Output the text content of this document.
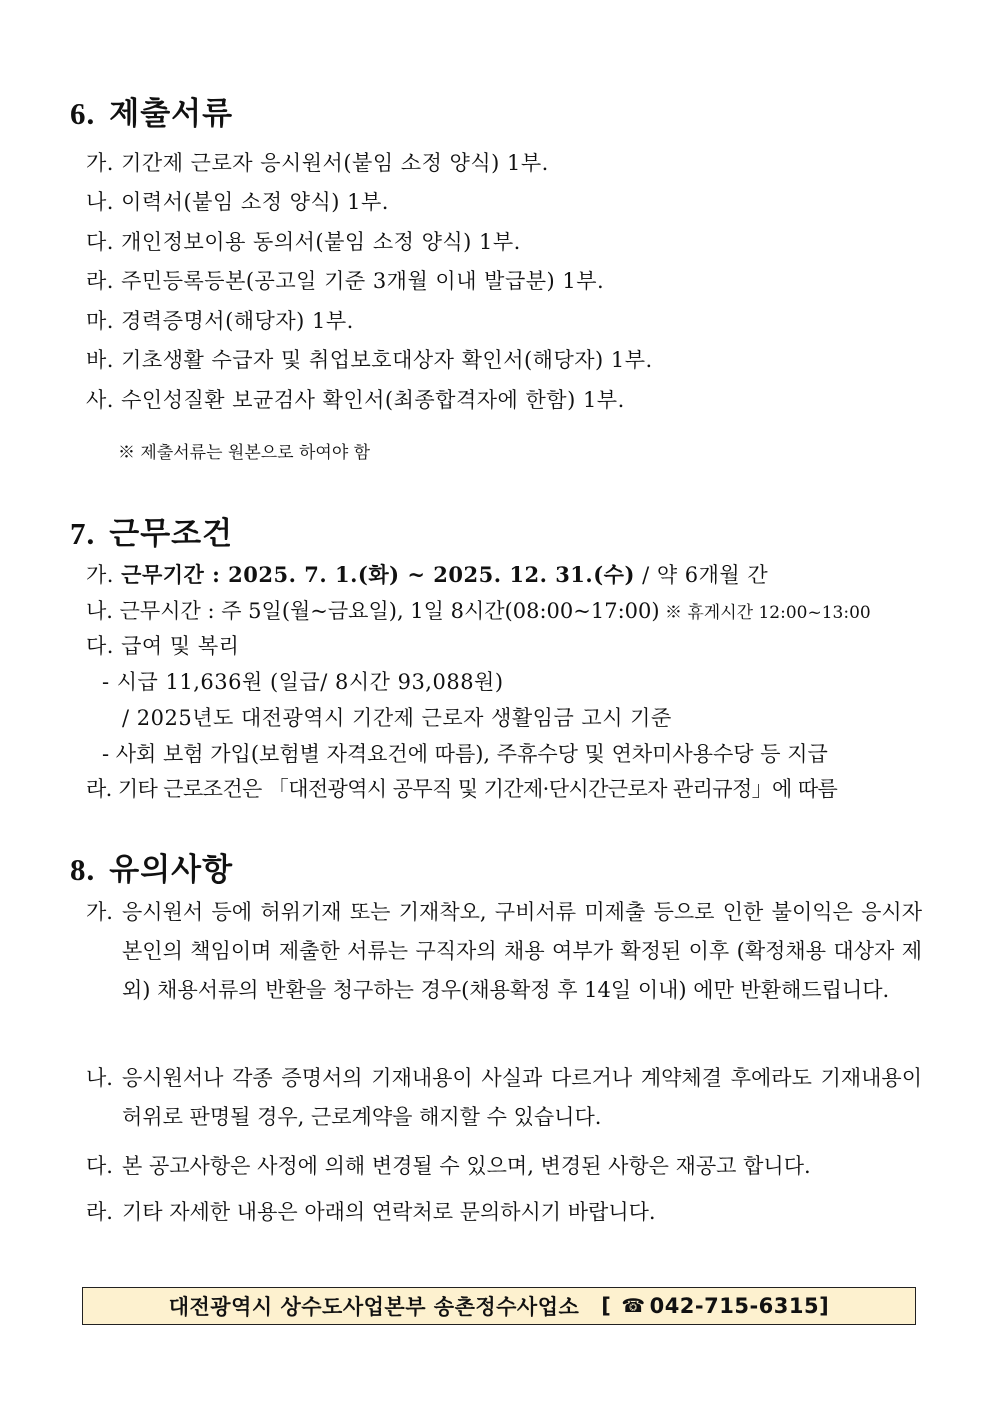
6. 제출서류
가. 기간제 근로자 응시원서(붙임 소정 양식) 1부.
나. 이력서(붙임 소정 양식) 1부.
다. 개인정보이용 동의서(붙임 소정 양식) 1부.
라. 주민등록등본(공고일 기준 3개월 이내 발급분) 1부.
마. 경력증명서(해당자) 1부.
바. 기초생활 수급자 및 취업보호대상자 확인서(해당자) 1부.
사. 수인성질환 보균검사 확인서(최종합격자에 한함) 1부.
※ 제출서류는 원본으로 하여야 함
7. 근무조건
가. 근무기간 : 2025. 7. 1.(화) ~ 2025. 12. 31.(수) / 약 6개월 간
나. 근무시간 : 주 5일(월~금요일), 1일 8시간(08:00~17:00) ※ 휴게시간 12:00~13:00
다. 급여 및 복리
- 시급 11,636원 (일급/ 8시간 93,088원)
/ 2025년도 대전광역시 기간제 근로자 생활임금 고시 기준
- 사회 보험 가입(보험별 자격요건에 따름), 주휴수당 및 연차미사용수당 등 지급
라. 기타 근로조건은 「대전광역시 공무직 및 기간제·단시간근로자 관리규정」에 따름
8. 유의사항
가. 응시원서 등에 허위기재 또는 기재착오, 구비서류 미제출 등으로 인한 불이익은 응시자 본인의 책임이며 제출한 서류는 구직자의 채용 여부가 확정된 이후 (확정채용 대상자 제외) 채용서류의 반환을 청구하는 경우(채용확정 후 14일 이내) 에만 반환해드립니다.
나. 응시원서나 각종 증명서의 기재내용이 사실과 다르거나 계약체결 후에라도 기재내용이 허위로 판명될 경우, 근로계약을 해지할 수 있습니다.
다. 본 공고사항은 사정에 의해 변경될 수 있으며, 변경된 사항은 재공고 합니다.
라. 기타 자세한 내용은 아래의 연락처로 문의하시기 바랍니다.
대전광역시 상수도사업본부 송촌정수사업소 [ ☎ 042-715-6315 ]
